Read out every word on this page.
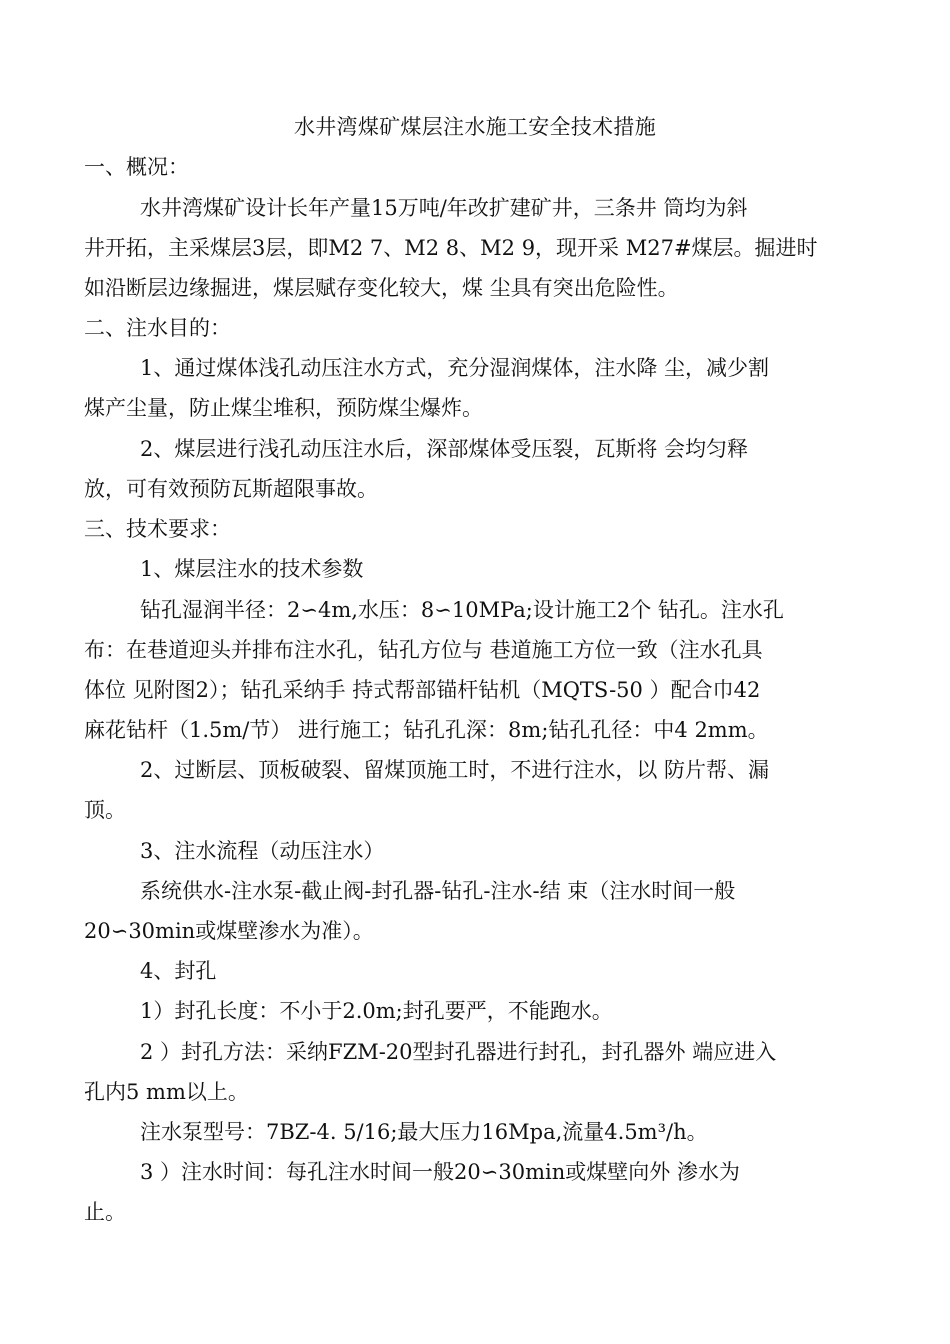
水井湾煤矿煤层注水施工安全技术措施
一、概况：
水井湾煤矿设计长年产量15万吨/年改扩建矿井，三条井 筒均为斜
井开拓，主采煤层3层，即M2 7、M2 8、M2 9，现开采 M27#煤层。掘进时
如沿断层边缘掘进，煤层赋存变化较大，煤 尘具有突出危险性。
二、注水目的：
1、通过煤体浅孔动压注水方式，充分湿润煤体，注水降 尘，减少割
煤产尘量，防止煤尘堆积，预防煤尘爆炸。
2、煤层进行浅孔动压注水后，深部煤体受压裂，瓦斯将 会均匀释
放，可有效预防瓦斯超限事故。
三、技术要求：
1、煤层注水的技术参数
钻孔湿润半径：2∽4m,水压：8∽10MPa;设计施工2个 钻孔。注水孔
布：在巷道迎头并排布注水孔，钻孔方位与 巷道施工方位一致（注水孔具
体位 见附图2）；钻孔采纳手 持式帮部锚杆钻机（MQTS-50 ）配合巾42
麻花钻杆（1.5m/节） 进行施工；钻孔孔深：8m;钻孔孔径：中4 2mm。
2、过断层、顶板破裂、留煤顶施工时，不进行注水，以 防片帮、漏
顶。
3、注水流程（动压注水）
系统供水-注水泵-截止阀-封孔器-钻孔-注水-结 束（注水时间一般
20∽30min或煤壁渗水为准）。
4、封孔
1）封孔长度：不小于2.0m;封孔要严，不能跑水。
2 ）封孔方法：采纳FZM-20型封孔器进行封孔，封孔器外 端应进入
孔内5 mm以上。
注水泵型号：7BZ-4. 5/16;最大压力16Mpa,流量4.5m³/h。
3 ）注水时间：每孔注水时间一般20∽30min或煤壁向外 渗水为
止。
